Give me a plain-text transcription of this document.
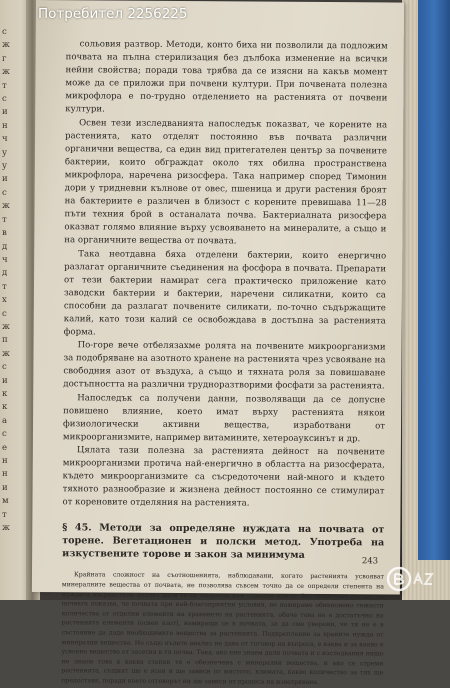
с
ж
г
ж
т
с
и
н
ч
у
у
и
с
ж
т
в
д
ч
д
т
х
с
ж
п
ж
с
и
к
к
а
с
е
н
н
и
м
т
ж

сольовия разтвор. Методи, конто биха ни позволили да подложим почвата на пълна стерилизация без дълбока изменение на всички нейни свойства; поради това трябва да се изясни на какъв момент може да се приложи при почвени култури. При почвената полезна микрофлора е по-трудно отделението на растенията от почвени култури.

Освен тези изследванията напоследък показват, че корените на растенията, като отделят постоянно във почвата различни органични вещества, са един вид притегателен център за почвените бактерии, които обграждат около тях обилна пространствена микрофлора, наречена ризосфера. Така например според Тимонин дори у тридневни кълнове от овес, пшеница и други растения броят на бактериите е различен в близост с корените превишава 11—28 пъти техния брой в останалата почва. Бактериалната ризосфера оказват голямо влияние върху усвояването на минералите, а също и на органичните вещества от почвата.

Така неотдавна бяха отделени бактерии, които енергично разлагат органичните съединения на фосфора в почвата. Препарати от тези бактерии намират сега практическо приложение като заводски бактерии и бактерии, наречени силикатни, които са способни да разлагат почвените силикати, по-точно съдържащите калий, като този калий се освобождава в достъпна за растенията форма.

По-горе вече отбелязахме ролята на почвените микроорганизми за подобряване на азотното хранене на растенията чрез усвояване на свободния азот от въздуха, а също и тяхната роля за повишаване достъпността на различни трудноразтворими фосфати за растенията.

Напоследък са получени данни, позволяващи да се допусне повишено влияние, което имат върху растенията някои физиологически активни вещества, изработвани от микроорганизмите, например витамините, хетероауксинът и др.

Цялата тази полезна за растенията дейност на почвените микроорганизми протича най-енергично в областта на ризосферата, където микроорганизмите са съсредоточени най-много и където тяхното разнообразие и жизнена дейност постоянно се стимулират от кореновите отделяния на растенията.

§ 45. Методи за определяне нуждата на почвата от торене. Вегетационен и полски метод. Употреба на изкуствените торове и закон за минимума

Крайната сложност на съотношенията, наблюдавани, когато растенията усвояват минералните вещества от почвата, не позволява съвсем точно да се определи степента на нуждата посредством анализ дали те са свързани към отделни опити. Ако химичния анализ на почвата показва, че почвата при най-благоприятни условия, не намираме обикновено тежести количества от отделни елементи на храненето на растенията, обаче това не е достатъчно на растенията елементи (освен азот), намиращи се в почвата, за да сме уверени, че тя не е в състояние да даде необходимите вещества за растенията. Подкрепление за храните нужда от минерални вещества. Но също нъдете анализ не дава от тоговор на въпроса, в каква и за какво е усвоено вещество от засетия в тя почва. Така, ако ние знаем дали почвата и с изследвания нищо не знаем това в каква степен тя е обезпечена с минерални вещества, и ако се стреми растенията, същият ще е ясен и ще зависи от мястото, климата, какво количество за тях ще предоставя, поради което отговорът ни ще зависи от процеса на изветряване.

243
Потребител 2256225
